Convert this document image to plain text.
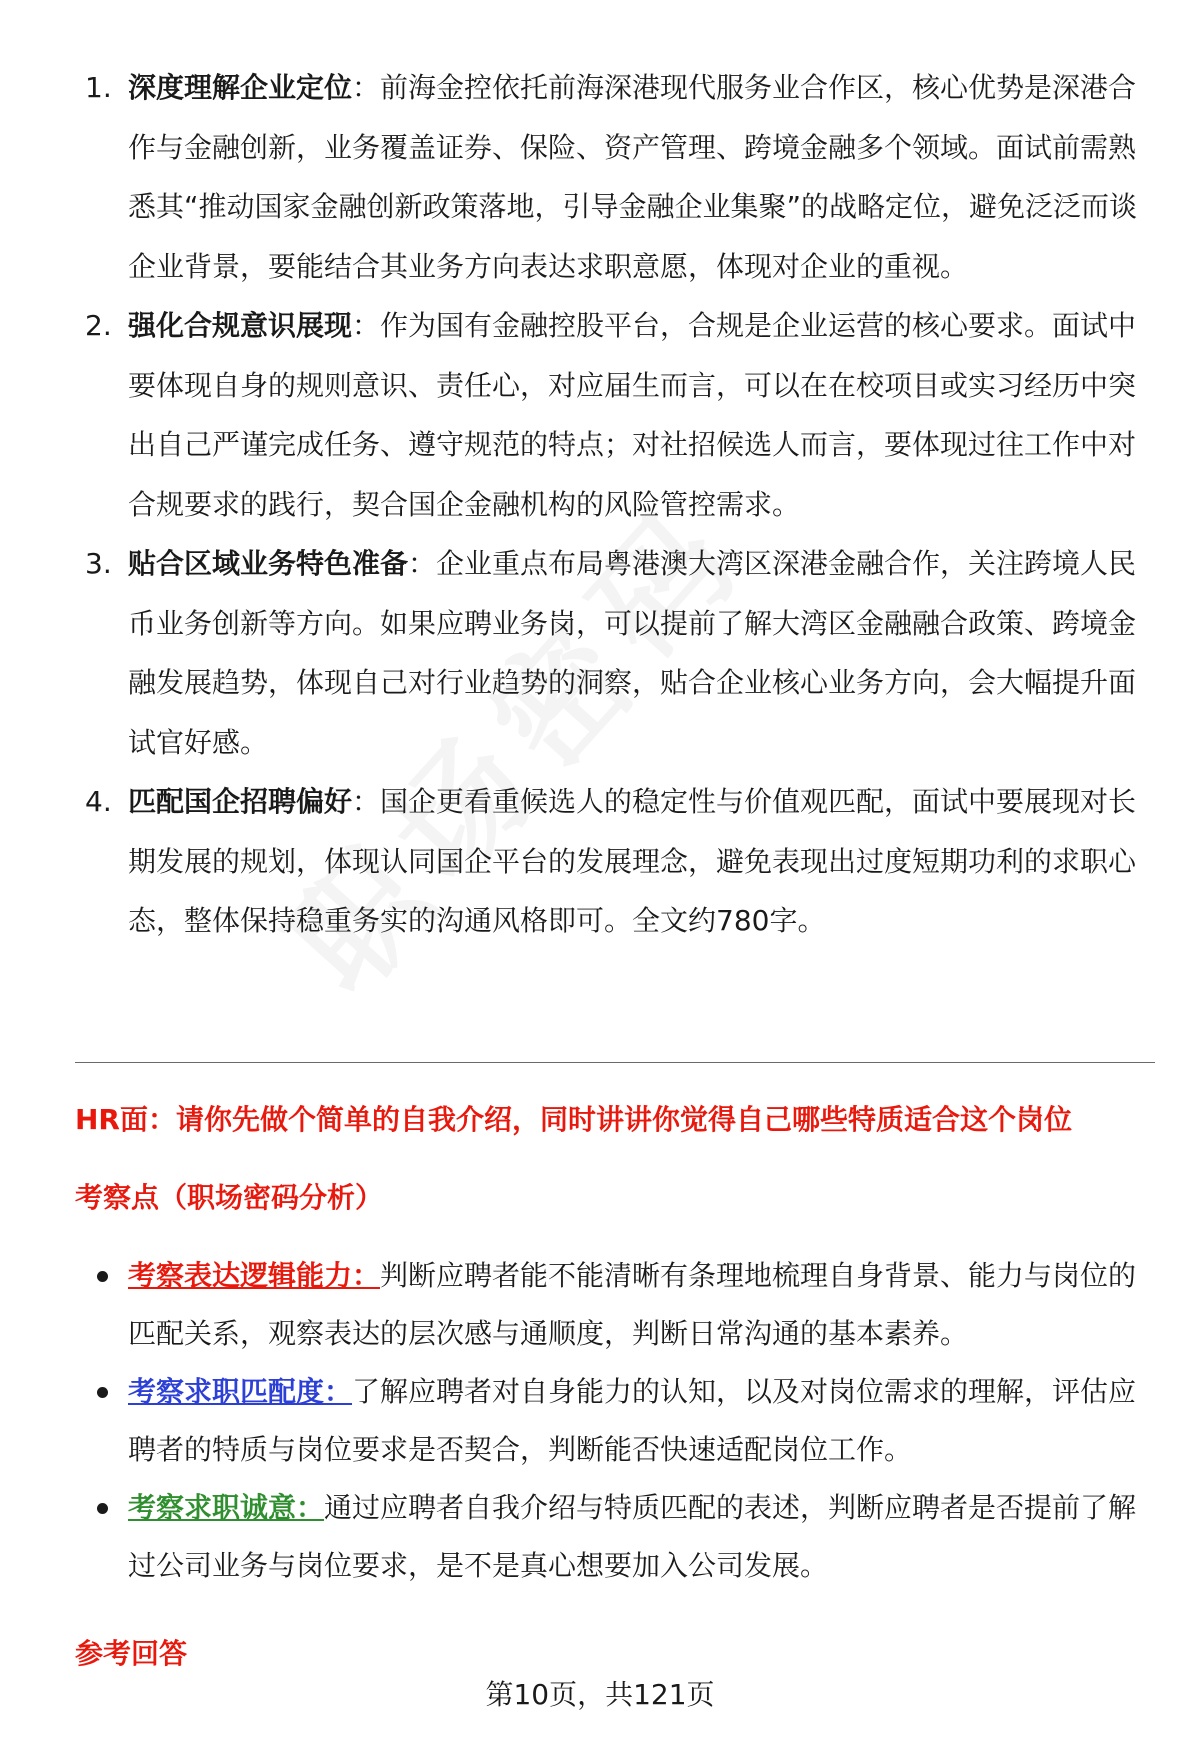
1. 深度理解企业定位：前海金控依托前海深港现代服务业合作区，核心优势是深港合作与金融创新，业务覆盖证券、保险、资产管理、跨境金融多个领域。面试前需熟悉其“推动国家金融创新政策落地，引导金融企业集聚”的战略定位，避免泛泛而谈企业背景，要能结合其业务方向表达求职意愿，体现对企业的重视。
2. 强化合规意识展现：作为国有金融控股平台，合规是企业运营的核心要求。面试中要体现自身的规则意识、责任心，对应届生而言，可以在在校项目或实习经历中突出自己严谨完成任务、遵守规范的特点；对社招候选人而言，要体现过往工作中对合规要求的践行，契合国企金融机构的风险管控需求。
3. 贴合区域业务特色准备：企业重点布局粤港澳大湾区深港金融合作，关注跨境人民币业务创新等方向。如果应聘业务岗，可以提前了解大湾区金融融合政策、跨境金融发展趋势，体现自己对行业趋势的洞察，贴合企业核心业务方向，会大幅提升面试官好感。
4. 匹配国企招聘偏好：国企更看重候选人的稳定性与价值观匹配，面试中要展现对长期发展的规划，体现认同国企平台的发展理念，避免表现出过度短期功利的求职心态，整体保持稳重务实的沟通风格即可。全文约780字。
HR面：请你先做个简单的自我介绍，同时讲讲你觉得自己哪些特质适合这个岗位
考察点（职场密码分析）
考察表达逻辑能力：判断应聘者能不能清晰有条理地梳理自身背景、能力与岗位的匹配关系，观察表达的层次感与通顺度，判断日常沟通的基本素养。
考察求职匹配度：了解应聘者对自身能力的认知，以及对岗位需求的理解，评估应聘者的特质与岗位要求是否契合，判断能否快速适配岗位工作。
考察求职诚意：通过应聘者自我介绍与特质匹配的表述，判断应聘者是否提前了解过公司业务与岗位要求，是不是真心想要加入公司发展。
参考回答
第10页，共121页
